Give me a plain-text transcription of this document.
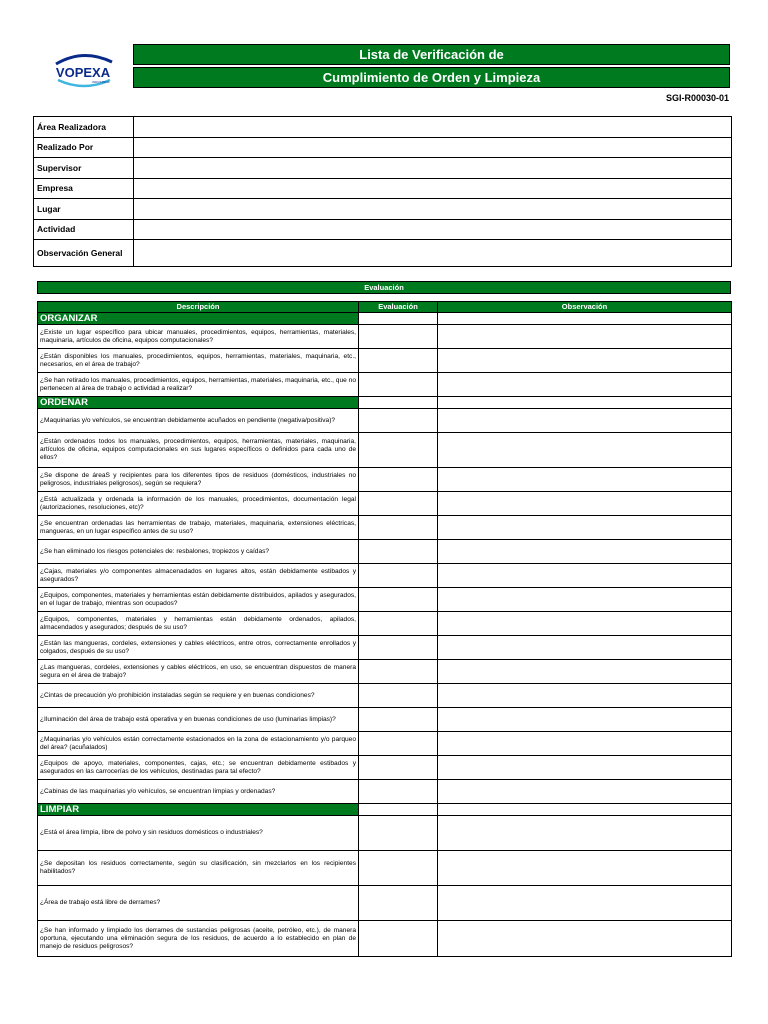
VOPEXA
INDUSTRIAL
Lista de Verificación de
Cumplimiento de Orden y Limpieza
SGI-R00030-01
Área Realizadora	
Realizado Por	
Supervisor	
Empresa	
Lugar	
Actividad	
Observación General	
Evaluación
Descripción	Evaluación	Observación
ORGANIZAR		
¿Existe un lugar específico para ubicar manuales, procedimientos, equipos, herramientas, materiales, maquinaria, artículos de oficina, equipos computacionales?		
¿Están disponibles los manuales, procedimientos, equipos, herramientas, materiales, maquinaria, etc., necesarios, en el área de trabajo?		
¿Se han retirado los manuales, procedimientos, equipos, herramientas, materiales, maquinaria, etc., que no pertenecen al área de trabajo o actividad a realizar?		
ORDENAR		
¿Maquinarias y/o vehículos, se encuentran debidamente acuñados en pendiente (negativa/positiva)?		
¿Están ordenados todos los manuales, procedimientos, equipos, herramientas, materiales, maquinaria, artículos de oficina, equipos computacionales en sus lugares específicos o definidos para cada uno de ellos?		
¿Se dispone de áreaS y recipientes para los diferentes tipos de residuos (domésticos, industriales no peligrosos, industriales peligrosos), según se requiera?		
¿Está actualizada y ordenada la información de los manuales, procedimientos, documentación legal (autorizaciones, resoluciones, etc)?		
¿Se encuentran ordenadas las herramientas de trabajo, materiales, maquinaria, extensiones eléctricas, mangueras, en un lugar específico antes de su uso?		
¿Se han eliminado los riesgos potenciales de: resbalones, tropiezos y caídas?		
¿Cajas, materiales y/o componentes almacenadados en lugares altos, están debidamente estibados y asegurados?		
¿Equipos, componentes, materiales y herramientas están debidamente distribuidos, apilados y asegurados, en el lugar de trabajo, mientras son ocupados?		
¿Equipos, componentes, materiales y herramientas están debidamente ordenados, apilados, almacendados y asegurados; después de su uso?		
¿Están las mangueras, cordeles, extensiones y cables eléctricos, entre otros, correctamente enrollados y colgados, después de su uso?		
¿Las mangueras, cordeles, extensiones y cables eléctricos, en uso, se encuentran dispuestos de manera segura en el área de trabajo?		
¿Cintas de precaución y/o prohibición instaladas según se requiere y en buenas condiciones?		
¿Iluminación del área de trabajo está operativa y en buenas condiciones de uso (luminarias limpias)?		
¿Maquinarias y/o vehículos están correctamente estacionados en la zona de estacionamiento y/o parqueo del área? (acuñalados)		
¿Equipos de apoyo, materiales, componentes, cajas, etc.; se encuentran debidamente estibados y asegurados en las carrocerías de los vehículos, destinadas para tal efecto?		
¿Cabinas de las maquinarias y/o vehículos, se encuentran limpias y ordenadas?		
LIMPIAR		
¿Está el área limpia, libre de polvo y sin residuos domésticos o industriales?		
¿Se depositan los residuos correctamente, según su clasificación, sin mezclarlos en los recipientes habilitados?		
¿Área de trabajo está libre de derrames?		
¿Se han informado y limpiado los derrames de sustancias peligrosas (aceite, petróleo, etc.), de manera oportuna, ejecutando una eliminación segura de los residuos, de acuerdo a lo establecido en plan de manejo de residuos peligrosos?		
